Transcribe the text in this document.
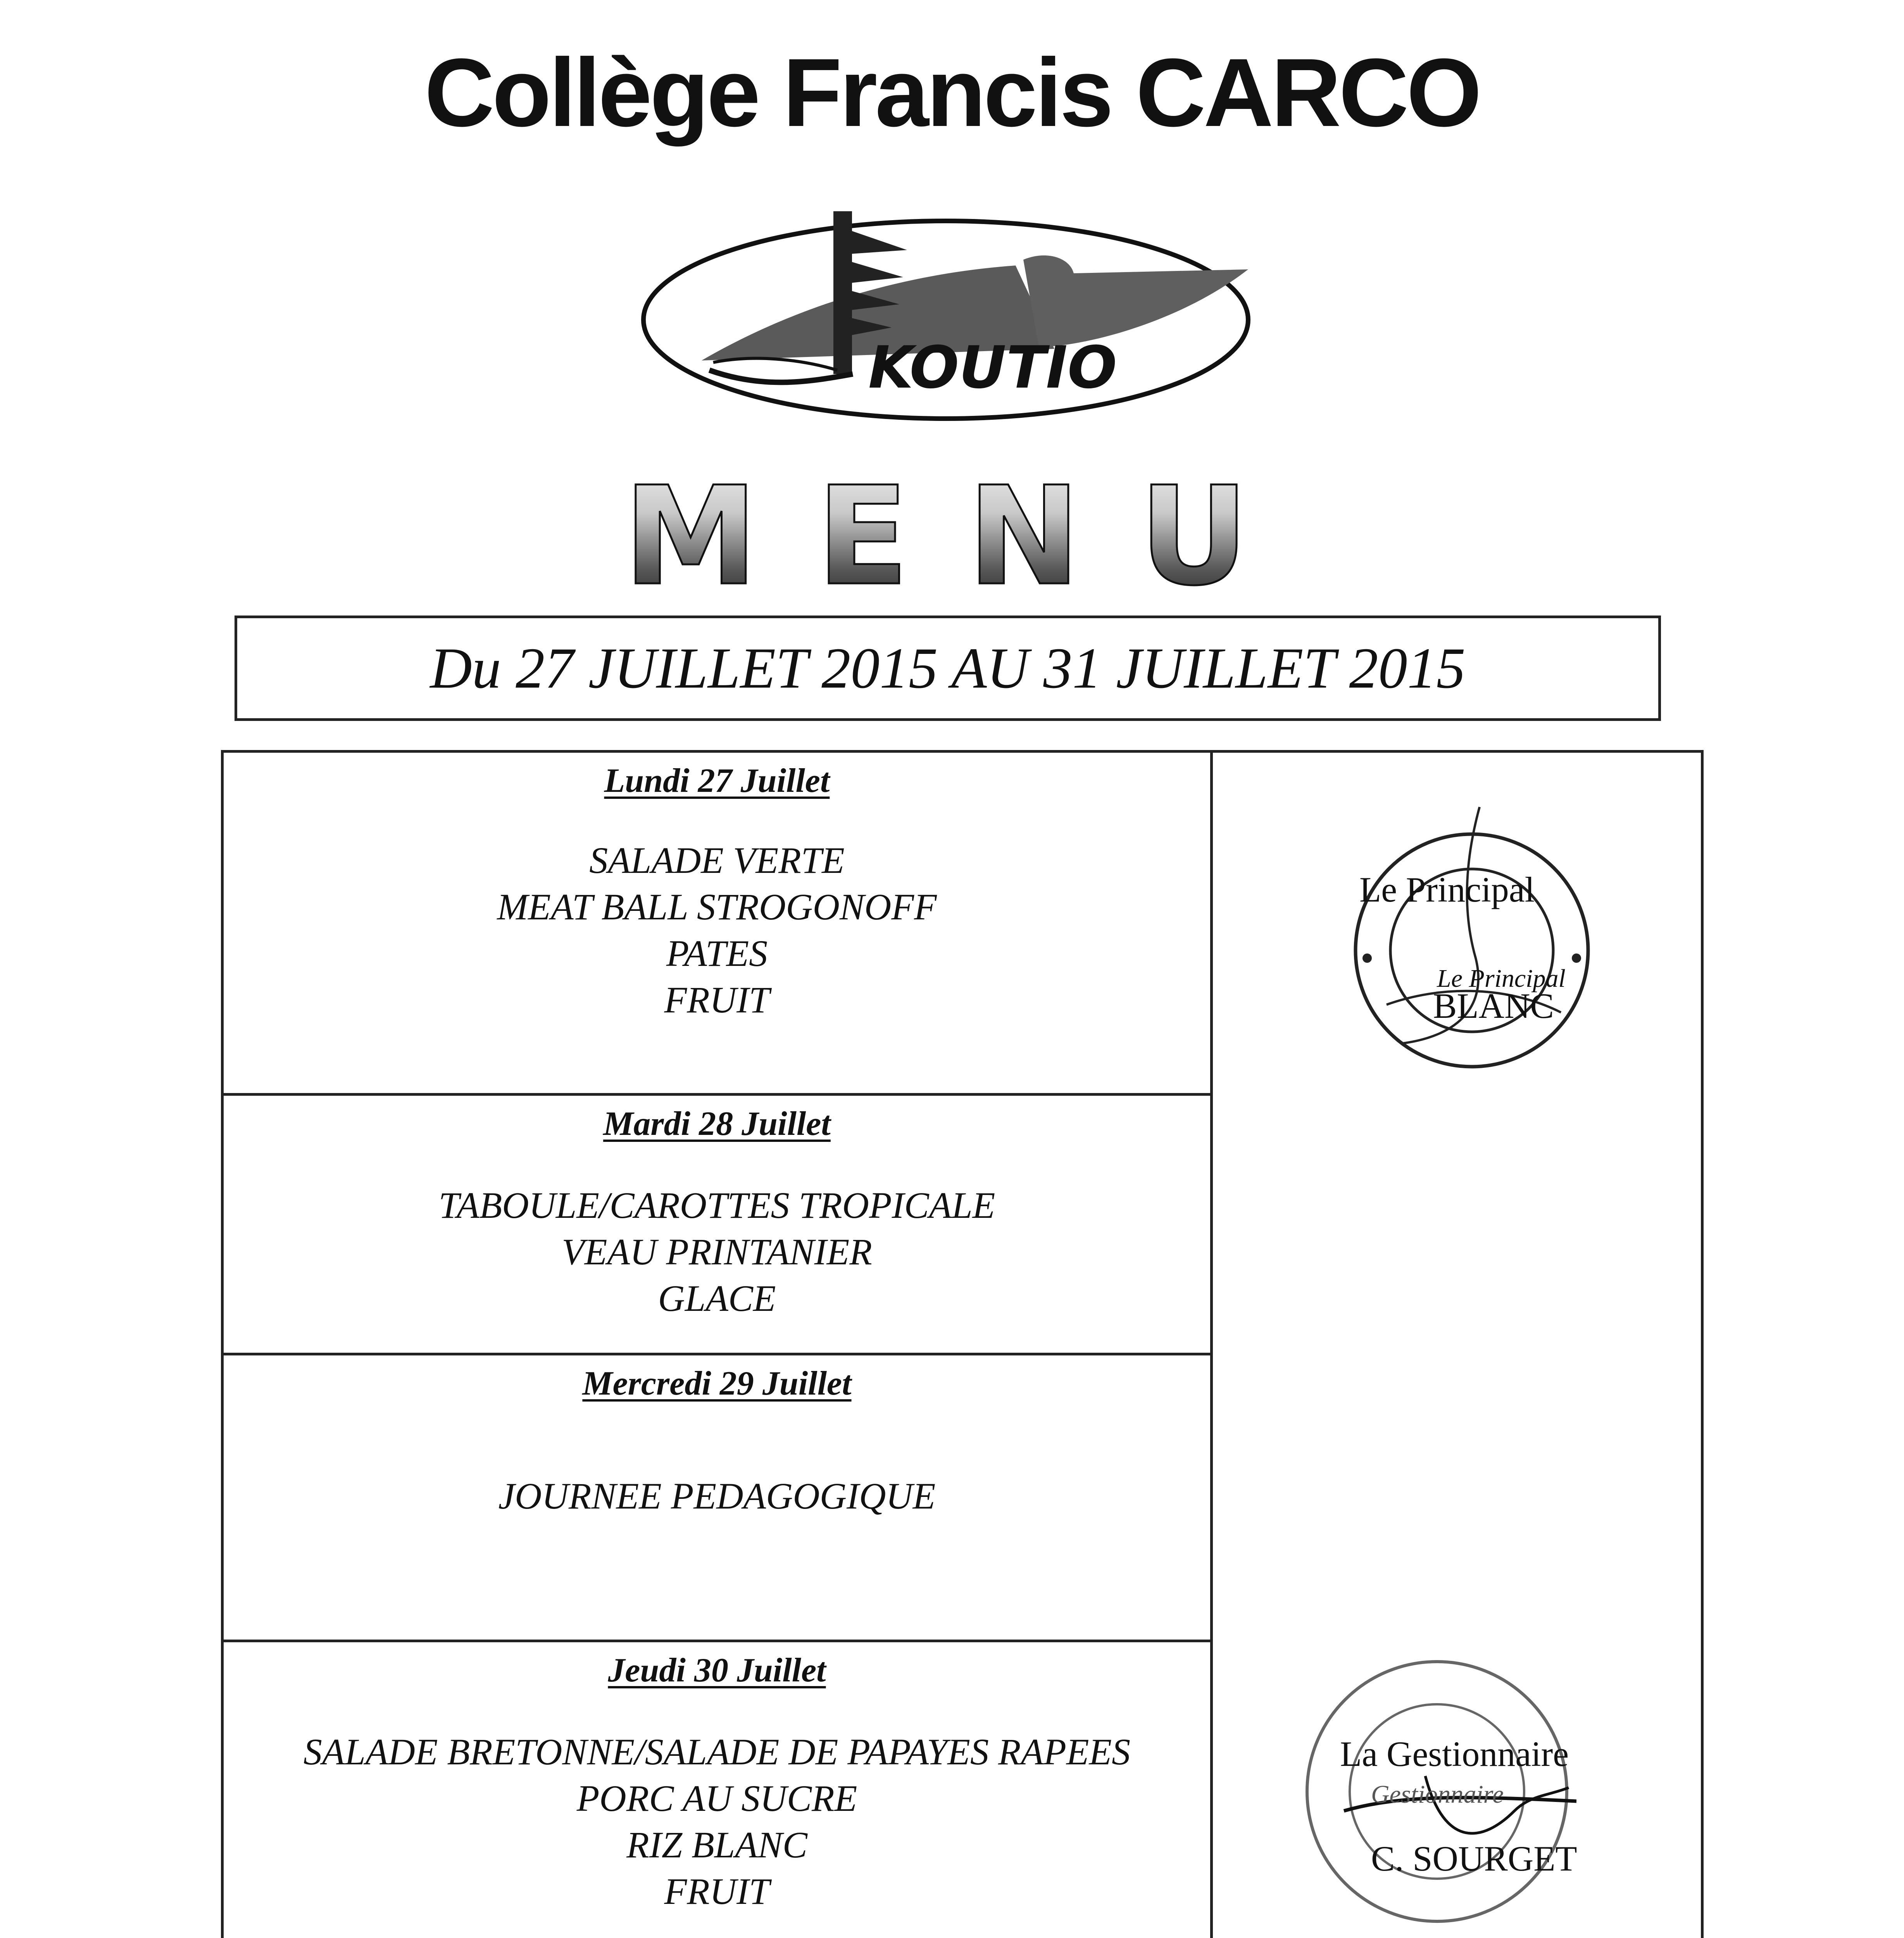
Collège Francis CARCO
KOUTIO
MENU
Du 27 JUILLET 2015 AU 31 JUILLET 2015
Lundi 27 Juillet
SALADE VERTE
MEAT BALL STROGONOFF
PATES
FRUIT
Mardi 28 Juillet
TABOULE/CAROTTES TROPICALE
VEAU PRINTANIER
GLACE
Mercredi 29 Juillet
JOURNEE PEDAGOGIQUE
Jeudi 30 Juillet
SALADE BRETONNE/SALADE DE PAPAYES RAPEES
PORC AU SUCRE
RIZ BLANC
FRUIT
Le Principal
Le Principal
BLANC
La Gestionnaire
Gestionnaire
C. SOURGET
